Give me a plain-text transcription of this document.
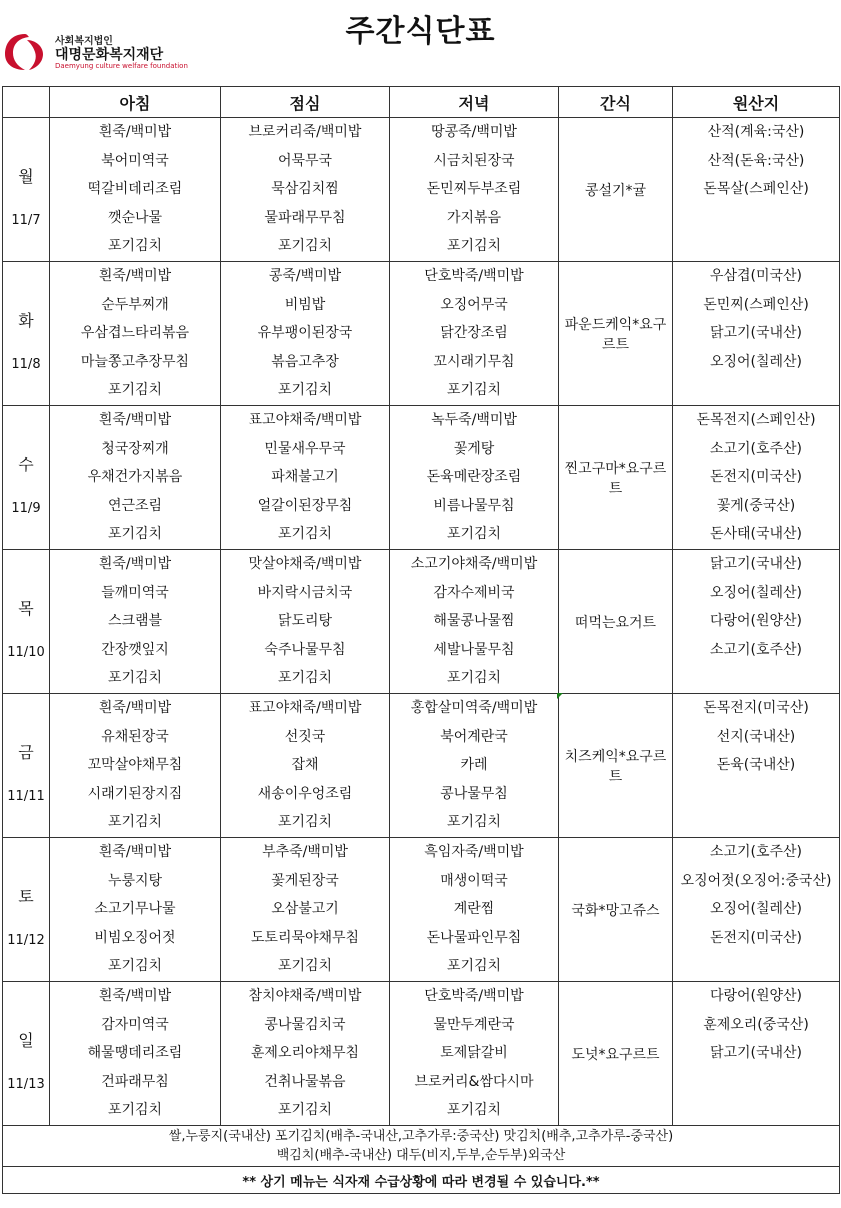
주간식단표
사회복지법인
대명문화복지재단
Daemyung culture welfare foundation
	아침	점심	저녁	간식	원산지

월
11/7	흰죽/백미밥
북어미역국
떡갈비데리조림
깻순나물
포기김치	브로커리죽/백미밥
어묵무국
묵삼김치찜
물파래무무침
포기김치	땅콩죽/백미밥
시금치된장국
돈민찌두부조림
가지볶음
포기김치	콩설기*귤	산적(계육:국산)
산적(돈육:국산)
돈목살(스페인산)

화
11/8	흰죽/백미밥
순두부찌개
우삼겹느타리볶음
마늘쫑고추장무침
포기김치	콩죽/백미밥
비빔밥
유부팽이된장국
볶음고추장
포기김치	단호박죽/백미밥
오징어무국
닭간장조림
꼬시래기무침
포기김치	파운드케익*요구르트	우삼겹(미국산)
돈민찌(스페인산)
닭고기(국내산)
오징어(칠레산)

수
11/9	흰죽/백미밥
청국장찌개
우채건가지볶음
연근조림
포기김치	표고야채죽/백미밥
민물새우무국
파채불고기
얼갈이된장무침
포기김치	녹두죽/백미밥
꽃게탕
돈육메란장조림
비름나물무침
포기김치	찐고구마*요구르트	돈목전지(스페인산)
소고기(호주산)
돈전지(미국산)
꽃게(중국산)
돈사태(국내산)

목
11/10	흰죽/백미밥
들깨미역국
스크램블
간장깻잎지
포기김치	맛살야채죽/백미밥
바지락시금치국
닭도리탕
숙주나물무침
포기김치	소고기야채죽/백미밥
감자수제비국
해물콩나물찜
세발나물무침
포기김치	떠먹는요거트	닭고기(국내산)
오징어(칠레산)
다랑어(원양산)
소고기(호주산)

금
11/11	흰죽/백미밥
유채된장국
꼬막살야채무침
시래기된장지짐
포기김치	표고야채죽/백미밥
선짓국
잡채
새송이우엉조림
포기김치	홍합살미역죽/백미밥
북어계란국
카레
콩나물무침
포기김치	치즈케익*요구르트	돈목전지(미국산)
선지(국내산)
돈육(국내산)

토
11/12	흰죽/백미밥
누룽지탕
소고기무나물
비빔오징어젓
포기김치	부추죽/백미밥
꽃게된장국
오삼불고기
도토리묵야채무침
포기김치	흑임자죽/백미밥
매생이떡국
계란찜
돈나물파인무침
포기김치	국화*망고쥬스	소고기(호주산)
오징어젓(오징어:중국산)
오징어(칠레산)
돈전지(미국산)

일
11/13	흰죽/백미밥
감자미역국
해물땡데리조림
건파래무침
포기김치	참치야채죽/백미밥
콩나물김치국
훈제오리야채무침
건취나물볶음
포기김치	단호박죽/백미밥
물만두계란국
토제닭갈비
브로커리&쌈다시마
포기김치	도넛*요구르트	다랑어(원양산)
훈제오리(중국산)
닭고기(국내산)

쌀,누룽지(국내산) 포기김치(배추-국내산,고추가루:중국산) 맛김치(배추,고추가루-중국산)
백김치(배추-국내산) 대두(비지,두부,순두부)외국산					

** 상기 메뉴는 식자재 수급상황에 따라 변경될 수 있습니다.**					
